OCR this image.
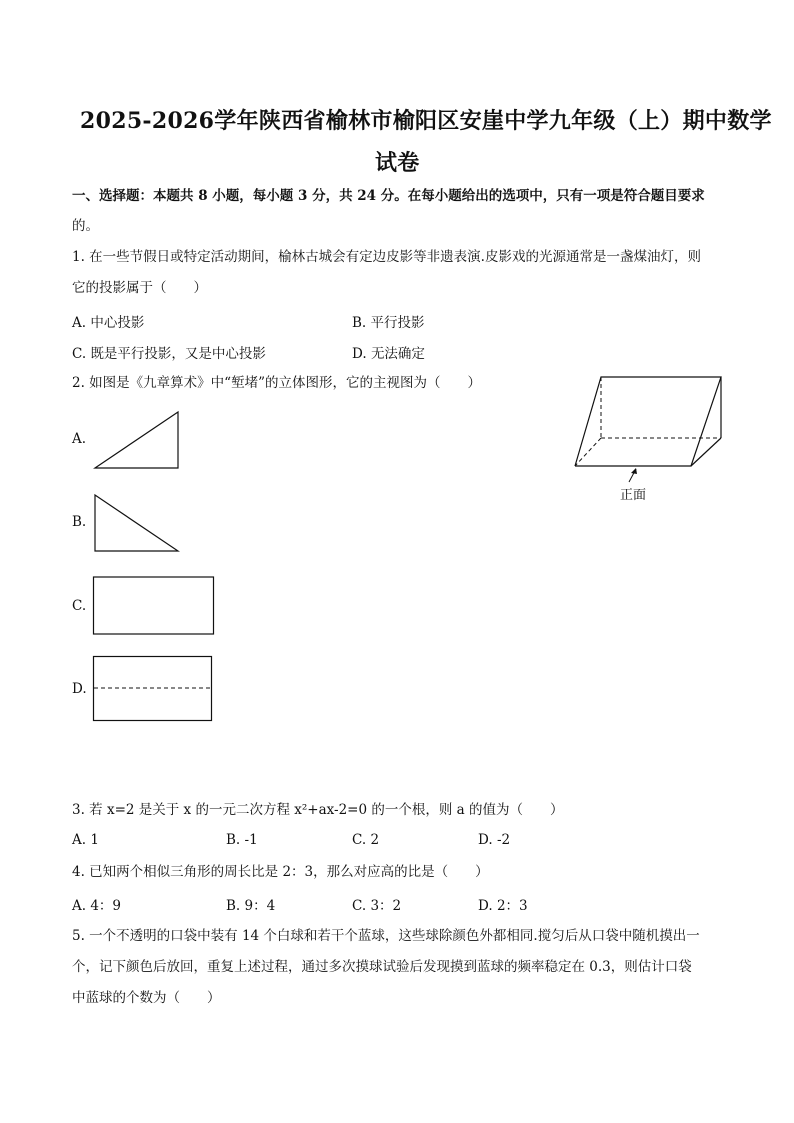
2025-2026学年陕西省榆林市榆阳区安崖中学九年级（上）期中数学
试卷
一、选择题：本题共 8 小题，每小题 3 分，共 24 分。在每小题给出的选项中，只有一项是符合题目要求
的。
1. 在一些节假日或特定活动期间，榆林古城会有定边皮影等非遗表演.皮影戏的光源通常是一盏煤油灯，则
它的投影属于（　　）
A. 中心投影	B. 平行投影
C. 既是平行投影，又是中心投影	D. 无法确定
2. 如图是《九章算术》中“堑堵”的立体图形，它的主视图为（　　）
正面
A.
B.
C.
D.
3. 若 x=2 是关于 x 的一元二次方程 x²+ax-2=0 的一个根，则 a 的值为（　　）
A. 1	B. -1	C. 2	D. -2
4. 已知两个相似三角形的周长比是 2：3，那么对应高的比是（　　）
A. 4：9	B. 9：4	C. 3：2	D. 2：3
5. 一个不透明的口袋中装有 14 个白球和若干个蓝球，这些球除颜色外都相同.搅匀后从口袋中随机摸出一
个，记下颜色后放回，重复上述过程，通过多次摸球试验后发现摸到蓝球的频率稳定在 0.3，则估计口袋
中蓝球的个数为（　　）
